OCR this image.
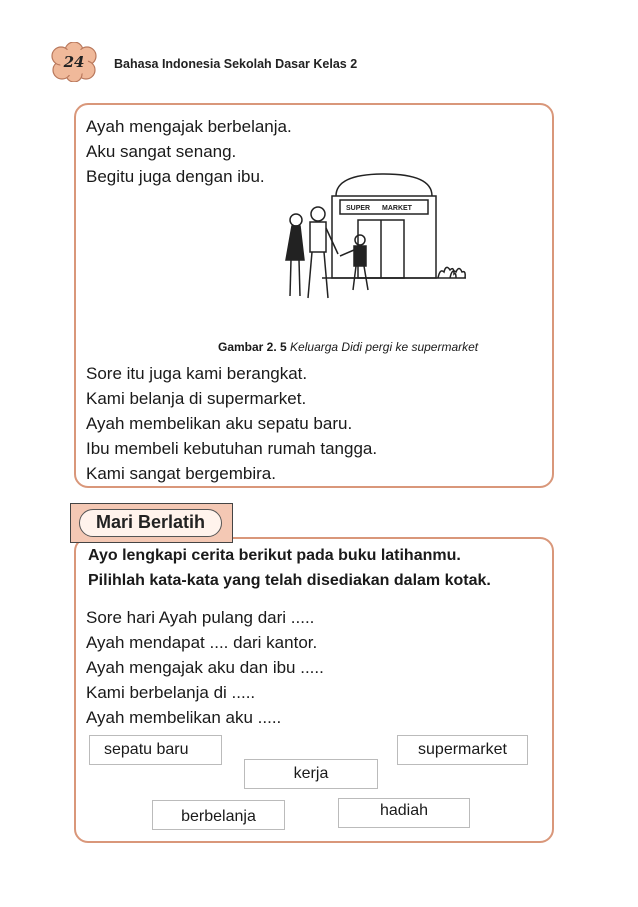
24	Bahasa Indonesia Sekolah Dasar Kelas 2
Ayah mengajak berbelanja.
Aku sangat senang.
Begitu juga dengan ibu.
SUPER MARKET
Gambar 2. 5 Keluarga Didi pergi ke supermarket
Sore itu juga kami berangkat.
Kami belanja di supermarket.
Ayah membelikan aku sepatu baru.
Ibu membeli kebutuhan rumah tangga.
Kami sangat bergembira.
Mari Berlatih
Ayo lengkapi cerita berikut pada buku latihanmu.
Pilihlah kata-kata yang telah disediakan dalam kotak.
Sore hari Ayah pulang dari .....
Ayah mendapat .... dari kantor.
Ayah mengajak aku dan ibu .....
Kami berbelanja di .....
Ayah membelikan aku .....
sepatu baru	supermarket
kerja
berbelanja	hadiah
